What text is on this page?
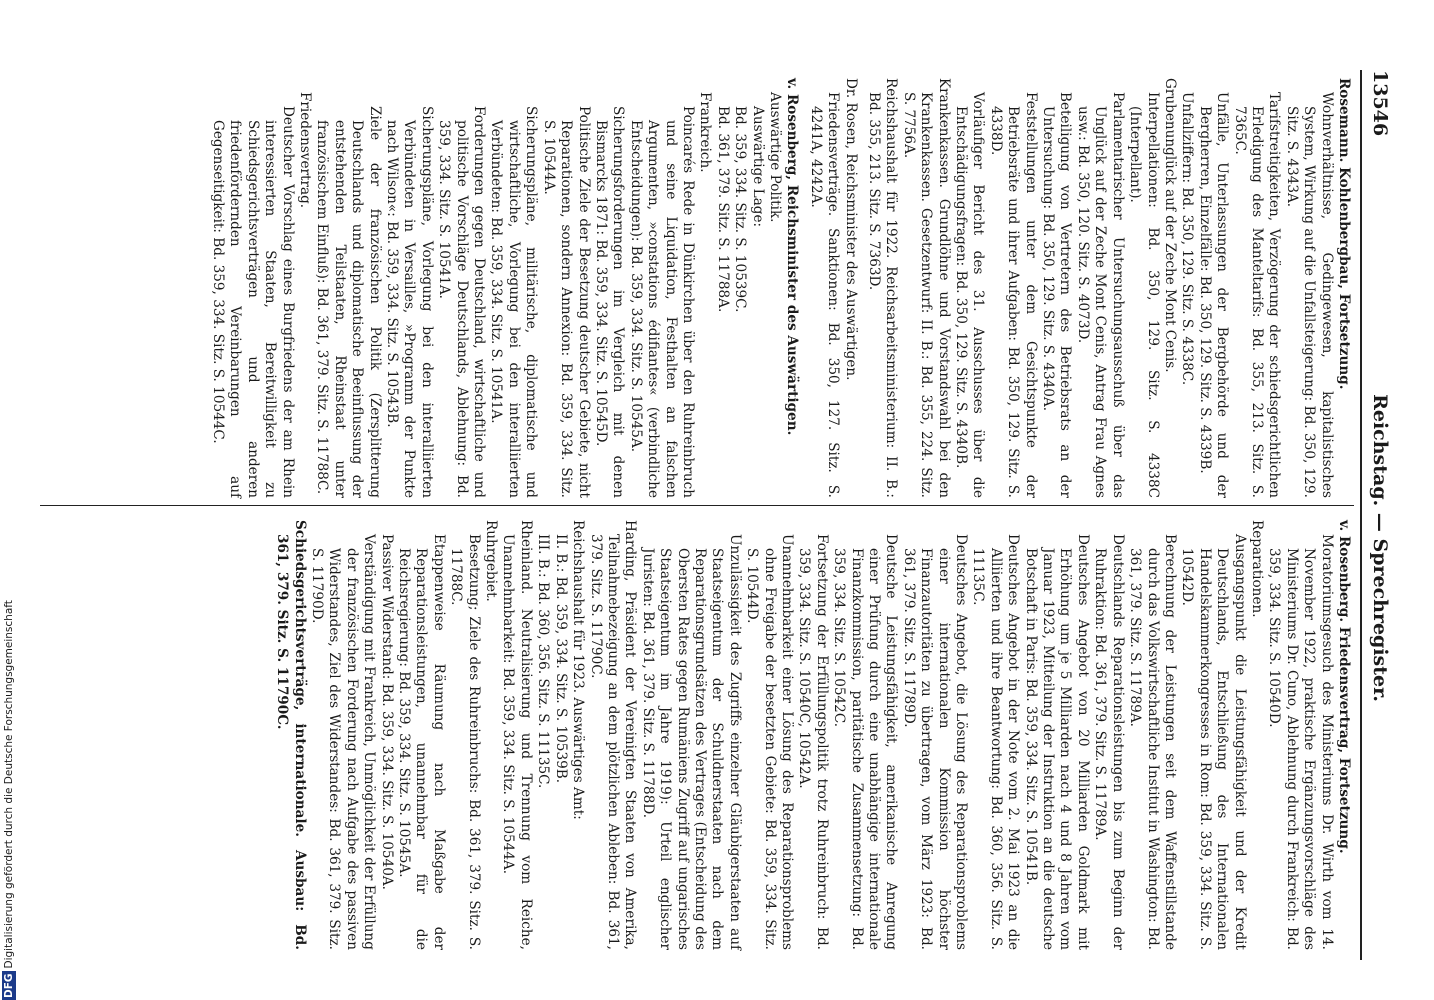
13546
Reichstag. — Sprechregister.

Rosemann. Kohlenbergbau, Fortsetzung.

Wohnverhältnisse, Gedingewesen, kapitalistisches System, Wirkung auf die Unfallsteigerung: Bd. 350, 129. Sitz. S. 4343A.

Tarifstreitigkeiten, Verzögerung der schiedsgerichtlichen Erledigung des Manteltarifs: Bd. 355, 213. Sitz. S. 7365C.

Unfälle, Unterlassungen der Bergbehörde und der Bergherren, Einzelfälle: Bd. 350, 129. Sitz. S. 4339B.

Unfallziffern: Bd. 350, 129. Sitz. S. 4338C.

Grubenunglück auf der Zeche Mont Cenis.

Interpellationen: Bd. 350, 129. Sitz. S. 4338C (Interpellant).

Parlamentarischer Untersuchungsausschuß über das Unglück auf der Zeche Mont Cenis, Antrag Frau Agnes usw.: Bd. 350, 120. Sitz. S. 4073D.

Beteiligung von Vertretern des Betriebsrats an der Untersuchung: Bd. 350, 129. Sitz. S. 4340A.

Feststellungen unter dem Gesichtspunkte der Betriebsräte und ihrer Aufgaben: Bd. 350, 129. Sitz. S. 4338D.

Vorläufiger Bericht des 31. Ausschusses über die Entschädigungsfragen: Bd. 350, 129. Sitz. S. 4340B.

Krankenkassen. Grundlöhne und Vorstandswahl bei den Krankenkassen. Gesetzentwurf: II. B.: Bd. 355, 224. Sitz. S. 7756A.

Reichshaushalt für 1922. Reichsarbeitsministerium: II. B.: Bd. 355, 213. Sitz. S. 7363D.

Dr. Rosen, Reichsminister des Auswärtigen.

Friedensverträge. Sanktionen: Bd. 350, 127. Sitz. S. 4241A, 4242A.

v. Rosenberg, Reichsminister des Auswärtigen.

Auswärtige Politik.

Auswärtige Lage:

Bd. 359, 334. Sitz. S. 10539C.

Bd. 361, 379. Sitz. S. 11788A.

Frankreich.

Poincarés Rede in Dünkirchen über den Ruhreinbruch und seine Liquidation, Festhalten an falschen Argumenten, »constations édifiantes« (verbindliche Entscheidungen): Bd. 359, 334. Sitz. S. 10545A.

Sicherungsforderungen im Vergleich mit denen Bismarcks 1871: Bd. 359, 334. Sitz. S. 10545D.

Politische Ziele der Besetzung deutscher Gebiete, nicht Reparationen, sondern Annexion: Bd. 359, 334. Sitz. S. 10544A.

Sicherungspläne, militärische, diplomatische und wirtschaftliche, Vorlegung bei den interalliierten Verbündeten: Bd. 359, 334. Sitz. S. 10541A.

Forderungen gegen Deutschland, wirtschaftliche und politische Vorschläge Deutschlands, Ablehnung: Bd. 359, 334. Sitz. S. 10541A.

Sicherungspläne, Vorlegung bei den interalliierten Verbündeten in Versailles, »Programm der Punkte nach Wilson«: Bd. 359, 334. Sitz. S. 10543B.

Ziele der französischen Politik (Zersplitterung Deutschlands und diplomatische Beeinflussung der entstehenden Teilstaaten, Rheinstaat unter französischem Einfluß): Bd. 361, 379. Sitz. S. 11788C.

Friedensvertrag.

Deutscher Vorschlag eines Burgfriedens der am Rhein interessierten Staaten, Bereitwilligkeit zu Schiedsgerichtsverträgen und anderen friedenfördernden Vereinbarungen auf Gegenseitigkeit: Bd. 359, 334. Sitz. S. 10544C.

v. Rosenberg. Friedensvertrag, Fortsetzung.

Moratoriumsgesuch des Ministeriums Dr. Wirth vom 14. November 1922, praktische Ergänzungsvorschläge des Ministeriums Dr. Cuno, Ablehnung durch Frankreich: Bd. 359, 334. Sitz. S. 10540D.

Reparationen.

Ausgangspunkt die Leistungsfähigkeit und der Kredit Deutschlands, Entschließung des Internationalen Handelskammerkongresses in Rom: Bd. 359, 334. Sitz. S. 10542D.

Berechnung der Leistungen seit dem Waffenstillstande durch das Volkswirtschaftliche Institut in Washington: Bd. 361, 379. Sitz. S. 11789A.

Deutschlands Reparationsleistungen bis zum Beginn der Ruhraktion: Bd. 361, 379. Sitz. S. 11789A.

Deutsches Angebot von 20 Milliarden Goldmark mit Erhöhung um je 5 Milliarden nach 4 und 8 Jahren vom Januar 1923, Mitteilung der Instruktion an die deutsche Botschaft in Paris: Bd. 359, 334. Sitz. S. 10541B.

Deutsches Angebot in der Note vom 2. Mai 1923 an die Alliierten und ihre Beantwortung: Bd. 360, 356. Sitz. S. 11135C.

Deutsches Angebot, die Lösung des Reparationsproblems einer internationalen Kommission höchster Finanzautoritäten zu übertragen, vom März 1923: Bd. 361, 379. Sitz. S. 11789D.

Deutsche Leistungsfähigkeit, amerikanische Anregung einer Prüfung durch eine unabhängige internationale Finanzkommission, paritätische Zusammensetzung: Bd. 359, 334. Sitz. S. 10542C.

Fortsetzung der Erfüllungspolitik trotz Ruhreinbruch: Bd. 359, 334. Sitz. S. 10540C, 10542A.

Unannehmbarkeit einer Lösung des Reparationsproblems ohne Freigabe der besetzten Gebiete: Bd. 359, 334. Sitz. S. 10544D.

Unzulässigkeit des Zugriffs einzelner Gläubigerstaaten auf Staatseigentum der Schuldnerstaaten nach dem Reparationsgrundsätzen des Vertrages (Entscheidung des Obersten Rates gegen Rumäniens Zugriff auf ungarisches Staatseigentum im Jahre 1919): Urteil englischer Juristen: Bd. 361, 379. Sitz. S. 11788D.

Harding, Präsident der Vereinigten Staaten von Amerika, Teilnahmebezeigung an dem plötzlichen Ableben: Bd. 361, 379. Sitz. S. 11790C.

Reichshaushalt für 1923. Auswärtiges Amt:

II. B.: Bd. 359, 334. Sitz. S. 10539B.

III. B.: Bd. 360, 356. Sitz. S. 11135C.

Rheinland. Neutralisierung und Trennung vom Reiche, Unannehmbarkeit: Bd. 359, 334. Sitz. S. 10544A.

Ruhrgebiet.

Besetzung; Ziele des Ruhreinbruchs: Bd. 361, 379. Sitz. S. 11788C.

Etappenweise Räumung nach Maßgabe der Reparationsleistungen, unannehmbar für die Reichsregierung: Bd. 359, 334. Sitz. S. 10545A.

Passiver Widerstand: Bd. 359, 334. Sitz. S. 10540A.

Verständigung mit Frankreich, Unmöglichkeit der Erfüllung der französischen Forderung nach Aufgabe des passiven Widerstandes, Ziel des Widerstandes: Bd. 361, 379. Sitz. S. 11790D.

Schiedsgerichtsverträge, internationale. Ausbau: Bd. 361, 379. Sitz. S. 11790C.

DFGDigitalisierung gefördert durch die Deutsche Forschungsgemeinschaft
